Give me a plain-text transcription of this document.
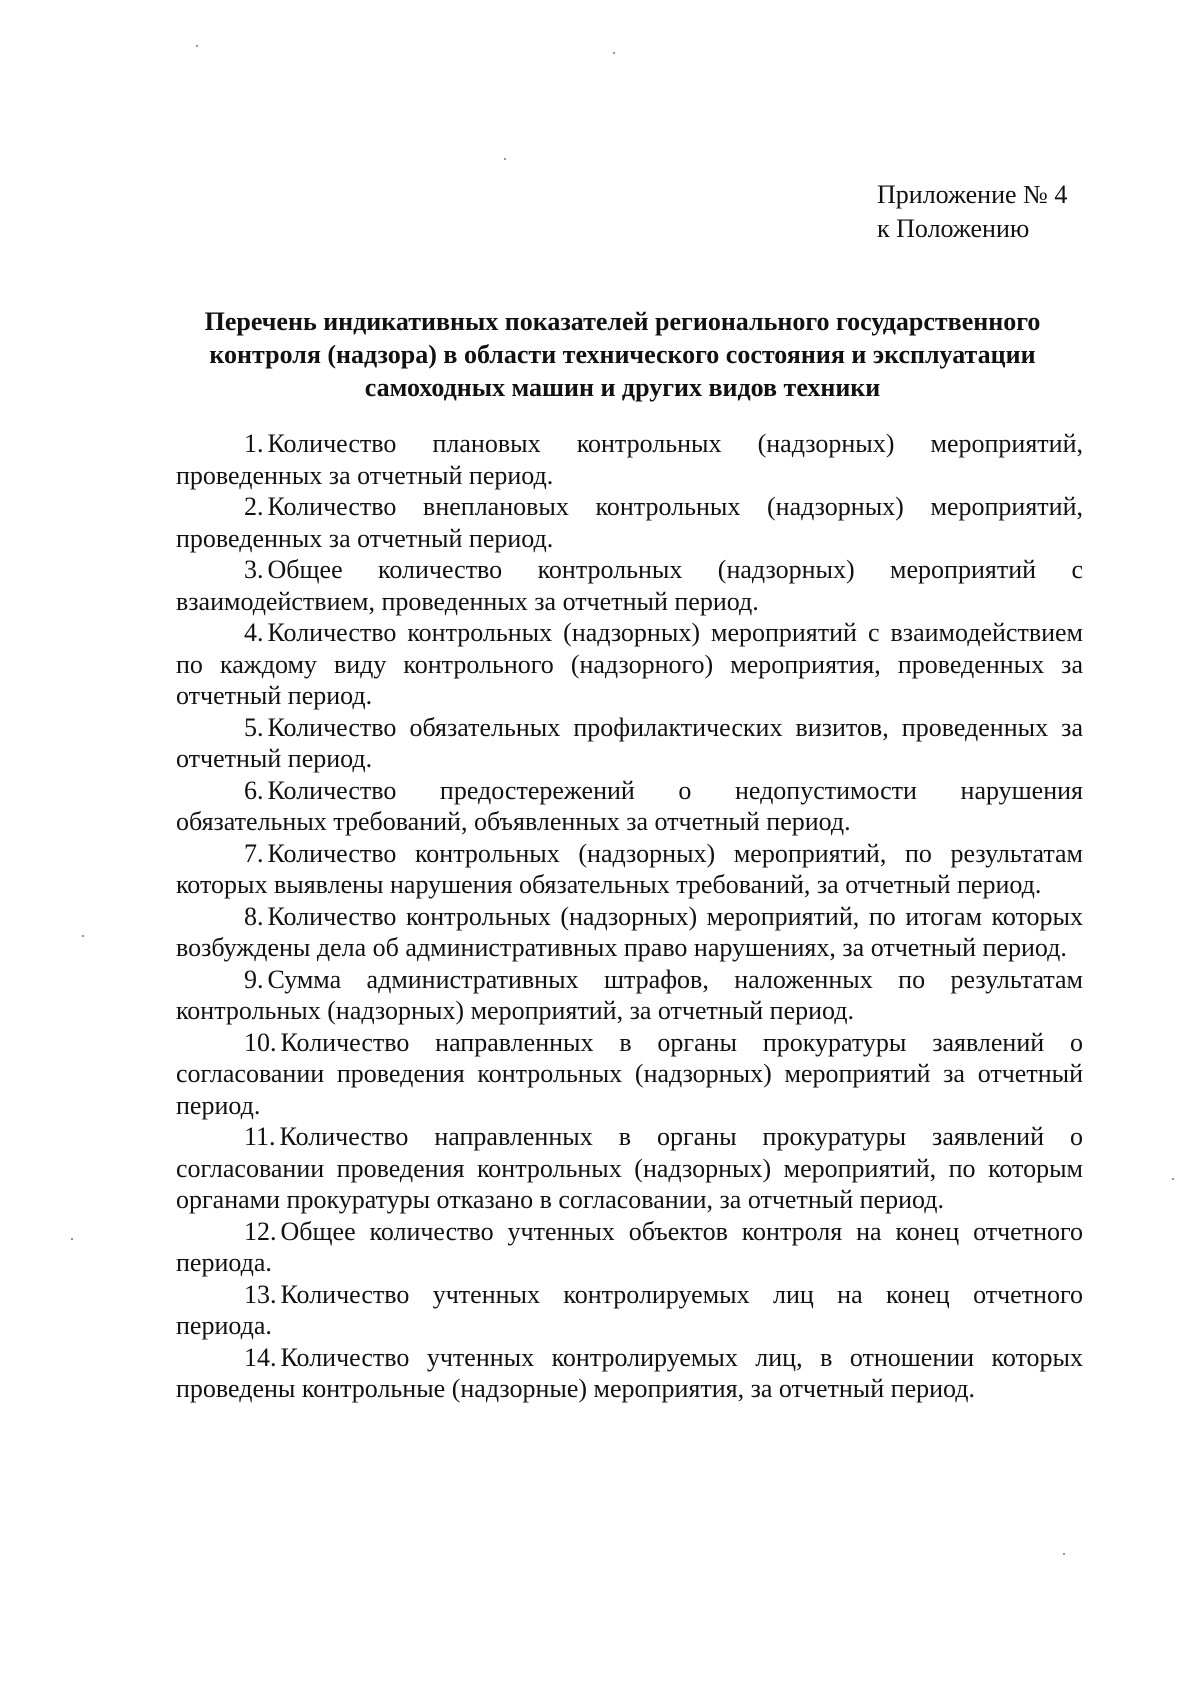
Приложение № 4
к Положению
Перечень индикативных показателей регионального государственного
контроля (надзора) в области технического состояния и эксплуатации
самоходных машин и других видов техники

1. Количество плановых контрольных (надзорных) мероприятий, проведенных за отчетный период.

2. Количество внеплановых контрольных (надзорных) мероприятий, проведенных за отчетный период.

3. Общее количество контрольных (надзорных) мероприятий с взаимодействием, проведенных за отчетный период.

4. Количество контрольных (надзорных) мероприятий с взаимодействием по каждому виду контрольного (надзорного) мероприятия, проведенных за отчетный период.

5. Количество обязательных профилактических визитов, проведенных за отчетный период.

6. Количество предостережений о недопустимости нарушения обязательных требований, объявленных за отчетный период.

7. Количество контрольных (надзорных) мероприятий, по результатам которых выявлены нарушения обязательных требований, за отчетный период.

8. Количество контрольных (надзорных) мероприятий, по итогам которых возбуждены дела об административных право нарушениях, за отчетный период.

9. Сумма административных штрафов, наложенных по результатам контрольных (надзорных) мероприятий, за отчетный период.

10. Количество направленных в органы прокуратуры заявлений о согласовании проведения контрольных (надзорных) мероприятий за отчетный период.

11. Количество направленных в органы прокуратуры заявлений о согласовании проведения контрольных (надзорных) мероприятий, по которым органами прокуратуры отказано в согласовании, за отчетный период.

12. Общее количество учтенных объектов контроля на конец отчетного периода.

13. Количество учтенных контролируемых лиц на конец отчетного периода.

14. Количество учтенных контролируемых лиц, в отношении которых проведены контрольные (надзорные) мероприятия, за отчетный период.
